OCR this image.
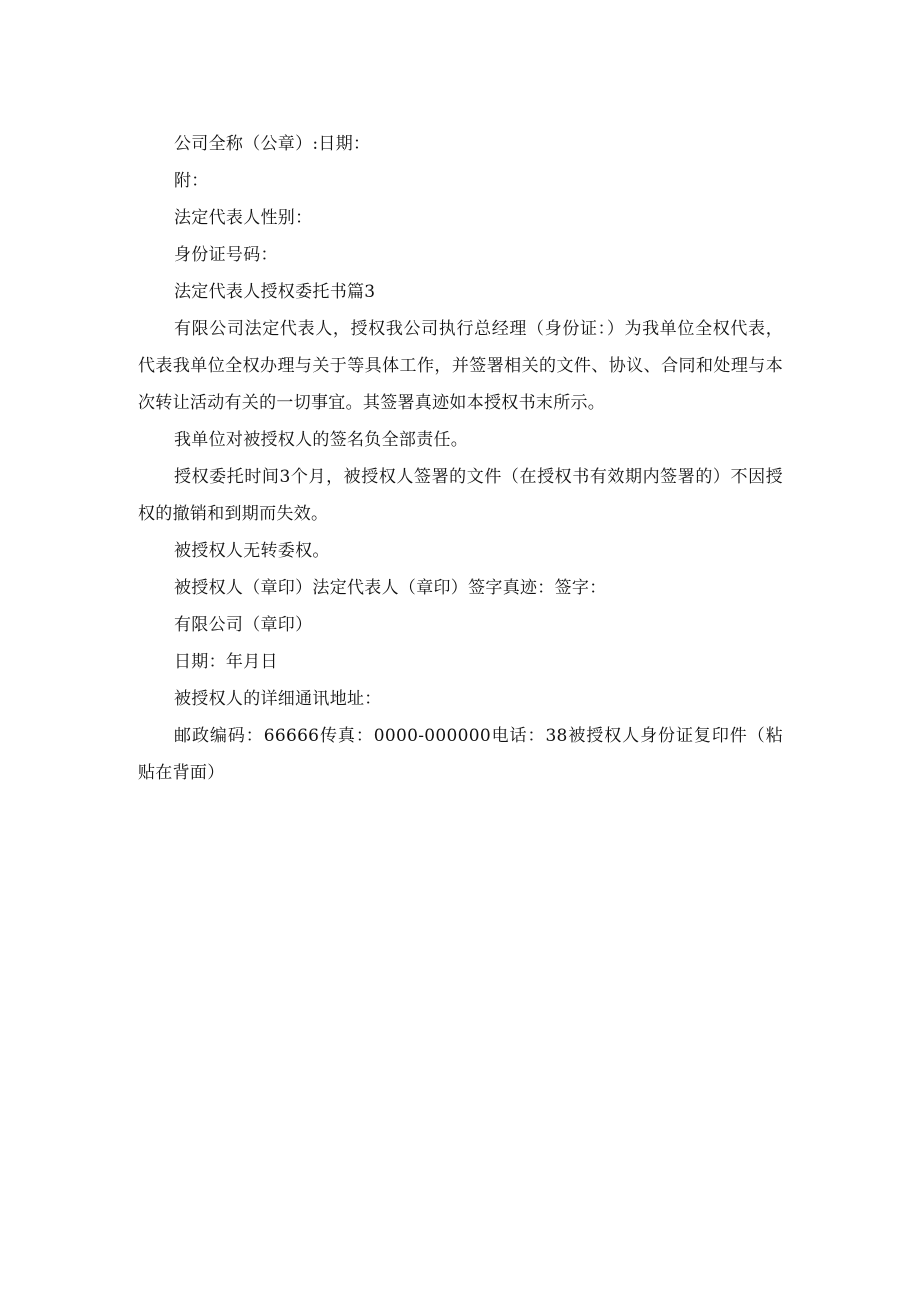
公司全称（公章）:日期：

附：

法定代表人性别：

身份证号码：

法定代表人授权委托书篇3

有限公司法定代表人，授权我公司执行总经理（身份证：）为我单位全权代表，代表我单位全权办理与关于等具体工作，并签署相关的文件、协议、合同和处理与本次转让活动有关的一切事宜。其签署真迹如本授权书末所示。

我单位对被授权人的签名负全部责任。

授权委托时间3个月，被授权人签署的文件（在授权书有效期内签署的）不因授权的撤销和到期而失效。

被授权人无转委权。

被授权人（章印）法定代表人（章印）签字真迹：签字：

有限公司（章印）

日期：年月日

被授权人的详细通讯地址：

邮政编码：66666传真：0000-000000电话：38被授权人身份证复印件（粘贴在背面）
